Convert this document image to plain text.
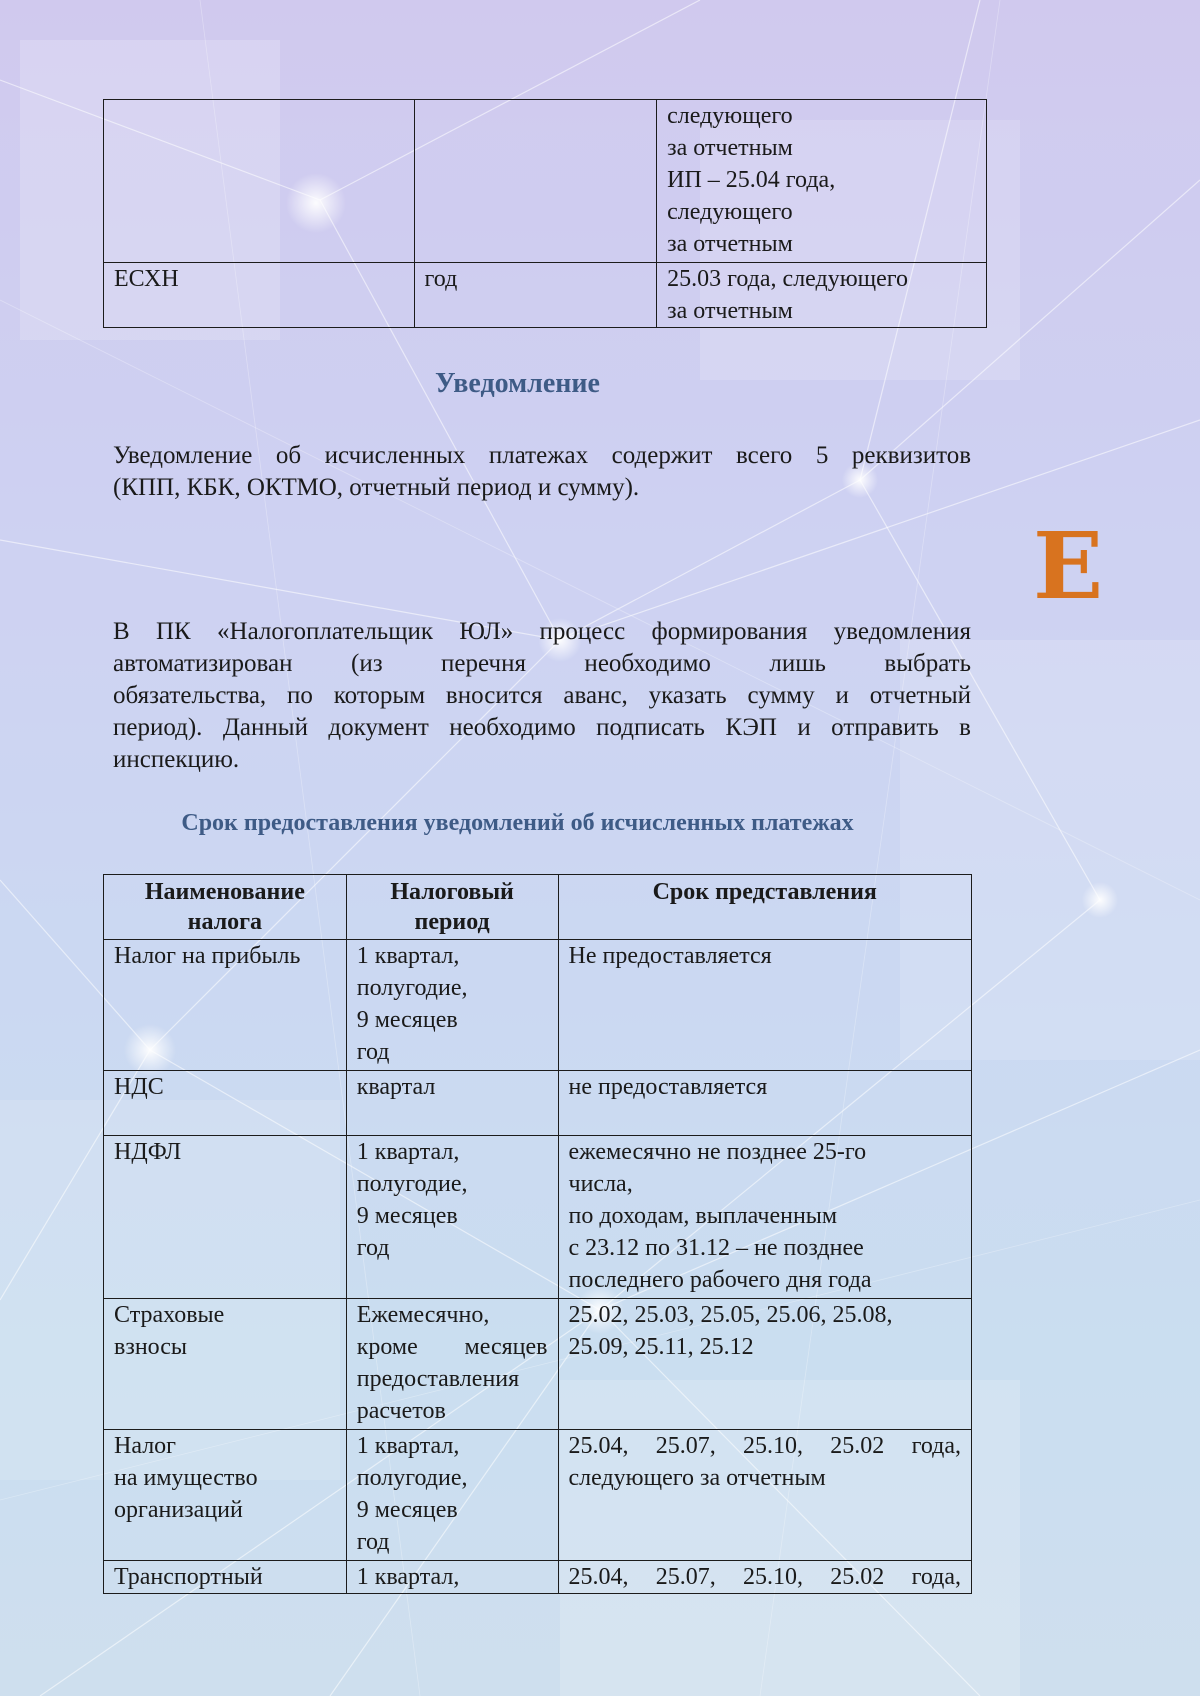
		следующего
за отчетным
ИП – 25.04 года,
следующего
за отчетным

ЕСХН	год	25.03 года, следующего
за отчетным
Уведомление
Уведомление об исчисленных платежах содержит всего 5 реквизитов
(КПП, КБК, ОКТМО, отчетный период и сумму).
Е
В ПК «Налогоплательщик ЮЛ» процесс формирования уведомления
автоматизирован (из перечня необходимо лишь выбрать
обязательства, по которым вносится аванс, указать сумму и отчетный
период). Данный документ необходимо подписать КЭП и отправить в
инспекцию.
Срок предоставления уведомлений об исчисленных платежах
Наименование
налога	Налоговый
период	Срок представления

Налог на прибыль	1 квартал,
полугодие,
9 месяцев
год	Не предоставляется

НДС	квартал	не предоставляется

НДФЛ	1 квартал,
полугодие,
9 месяцев
год	ежемесячно не позднее 25-го
числа,
по доходам, выплаченным
с 23.12 по 31.12 – не позднее
последнего рабочего дня года

Страховые
взносы	Ежемесячно,
кроме месяцев
предоставления
расчетов	25.02, 25.03, 25.05, 25.06, 25.08,
25.09, 25.11, 25.12

Налог
на имущество
организаций	1 квартал,
полугодие,
9 месяцев
год	25.04, 25.07, 25.10, 25.02 года,
следующего за отчетным

Транспортный	1 квартал,	25.04, 25.07, 25.10, 25.02 года,
